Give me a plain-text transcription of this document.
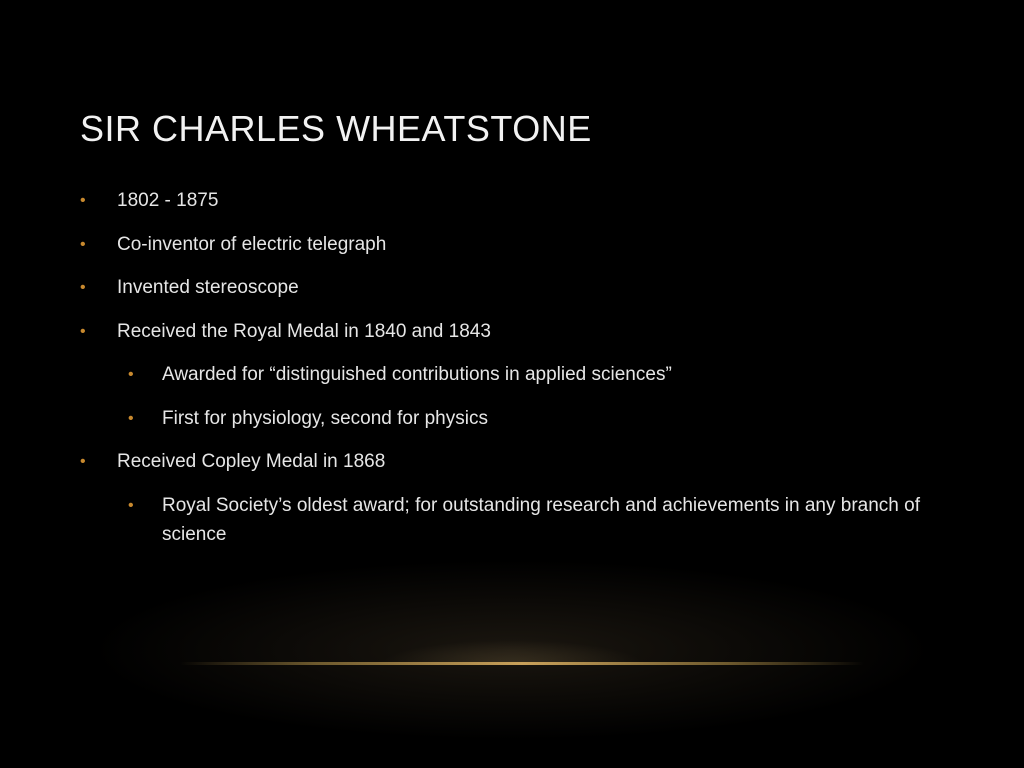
SIR CHARLES WHEATSTONE
• 1802 - 1875
• Co-inventor of electric telegraph
• Invented stereoscope
• Received the Royal Medal in 1840 and 1843
• Awarded for “distinguished contributions in applied sciences”
• First for physiology, second for physics
• Received Copley Medal in 1868
• Royal Society’s oldest award; for outstanding research and achievements in any branch of science
